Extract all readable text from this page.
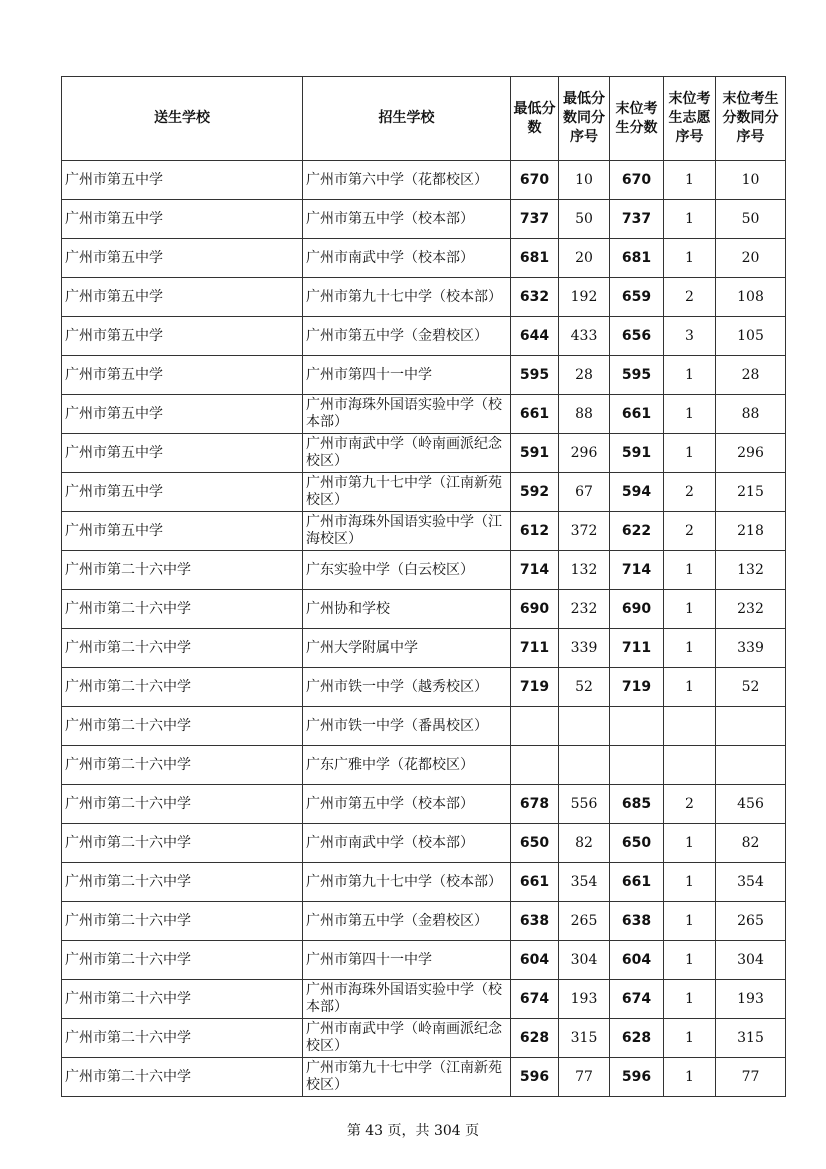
送生学校	招生学校	最低分数	最低分数同分序号	末位考生分数	末位考生志愿序号	末位考生分数同分序号
广州市第五中学	广州市第六中学（花都校区）	670	10	670	1	10
广州市第五中学	广州市第五中学（校本部）	737	50	737	1	50
广州市第五中学	广州市南武中学（校本部）	681	20	681	1	20
广州市第五中学	广州市第九十七中学（校本部）	632	192	659	2	108
广州市第五中学	广州市第五中学（金碧校区）	644	433	656	3	105
广州市第五中学	广州市第四十一中学	595	28	595	1	28
广州市第五中学	广州市海珠外国语实验中学（校本部）	661	88	661	1	88
广州市第五中学	广州市南武中学（岭南画派纪念校区）	591	296	591	1	296
广州市第五中学	广州市第九十七中学（江南新苑校区）	592	67	594	2	215
广州市第五中学	广州市海珠外国语实验中学（江海校区）	612	372	622	2	218
广州市第二十六中学	广东实验中学（白云校区）	714	132	714	1	132
广州市第二十六中学	广州协和学校	690	232	690	1	232
广州市第二十六中学	广州大学附属中学	711	339	711	1	339
广州市第二十六中学	广州市铁一中学（越秀校区）	719	52	719	1	52
广州市第二十六中学	广州市铁一中学（番禺校区）					
广州市第二十六中学	广东广雅中学（花都校区）					
广州市第二十六中学	广州市第五中学（校本部）	678	556	685	2	456
广州市第二十六中学	广州市南武中学（校本部）	650	82	650	1	82
广州市第二十六中学	广州市第九十七中学（校本部）	661	354	661	1	354
广州市第二十六中学	广州市第五中学（金碧校区）	638	265	638	1	265
广州市第二十六中学	广州市第四十一中学	604	304	604	1	304
广州市第二十六中学	广州市海珠外国语实验中学（校本部）	674	193	674	1	193
广州市第二十六中学	广州市南武中学（岭南画派纪念校区）	628	315	628	1	315
广州市第二十六中学	广州市第九十七中学（江南新苑校区）	596	77	596	1	77
第 43 页，共 304 页
